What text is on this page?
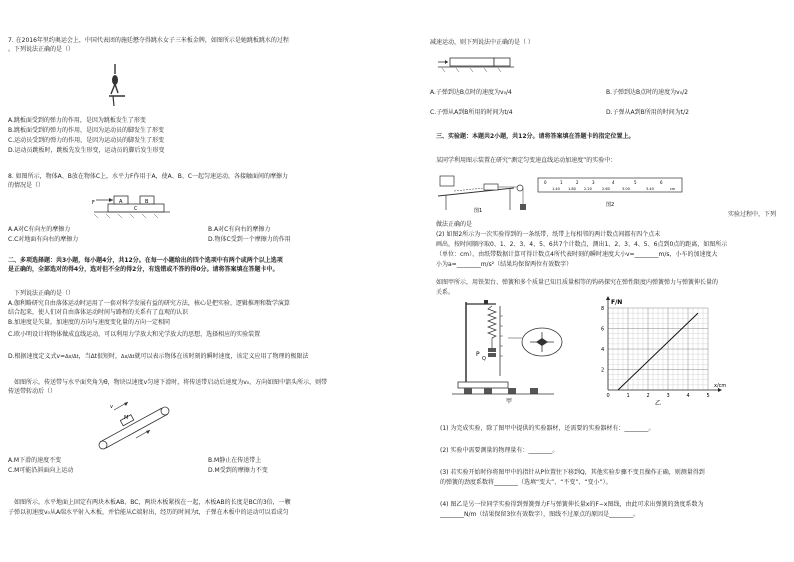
7. 在2016年里约奥运会上，中国代表团的施廷懋夺得跳水女子三米板金牌，如图所示是她跳板跳水的过程
。下列说法正确的是（）
A.跳板面受到的弹力的作用，是因为跳板发生了形变
B.跳板面受到的弹力的作用，是因为运动员的脚发生了形变
C.运动员受到的弹力的作用，是因为运动员的脚发生了形变
D.运动员跳板时，跳板先发生形变，运动员的脚后发生形变
8. 如图所示，物体A、B放在物体C上，水平力F作用于A，使A、B、C一起匀速运动，各接触面间的摩擦力
的情况是（）
F	A	B
C
A.A对C有向左的摩擦力	B.A对C有向右的摩擦力
C.C对地面有向右的摩擦力	D.物体C受到一个摩擦力的作用
二、多项选择题：共3小题，每小题4分，共12分。在每一小题给出的四个选项中有两个或两个以上选项
是正确的，全部选对的得4分，选对但不全的得2分，有选错或不答的得0分。请将答案填在答题卡中。
下列说法正确的是（）
A.伽利略研究自由落体运动时运用了一套对科学发展有益的研究方法，核心是把实验、逻辑推理和数学演算
结合起来，使人们对自由落体运动时间与路程的关系有了直观的认识
B.加速度是矢量，加速度的方向与速度变化量的方向一定相同
C.欧小明设计将物体做成直线运动，可以利用力学放大和光学放大的思想，选择相应的实验装置
D.根据速度定义式v=Δx/Δt，当Δt很短时，Δx/Δt就可以表示物体在该时刻的瞬时速度，该定义应用了物理的极限法
如图所示，传送带与水平面夹角为θ，物块以速度v匀速下滑时，将传送带启动后速度为v₀，方向如图中箭头所示，则带
传送带转动后（）
M
v
A.M下滑的速度不变	B.M静止在传送带上
C.M可能沿斜面向上运动	D.M受到的摩擦力不变
如图所示，水平地面上固定有两块木板AB、BC，两块木板紧挨在一起，木板AB的长度是BC的3倍，一颗
子弹以初速度v₀从A端水平射入木板，并恰能从C端射出，经历的时间为t，子弹在木板中的运动可以看成匀
减速运动，则下列说法中正确的是（ ）
A.子弹到达B点时的速度为v₀/4	B.子弹到达B点时的速度为v₀/2
C.子弹从A到B所用的时间为t/4	D.子弹从A到B所用的时间为t/2
三、实验题：本题共2小题，共12分。请将答案填在答题卡的指定位置上。
某同学利用图示装置在研究“测定匀变速直线运动加速度”的实验中：
图1
0	1	2	3	4	5	6
1.40 1.80 2.20	2.60	3.00	3.40	cm
图2
实验过程中，下列
做法正确的是
(2) 如图2所示为一次实验得到的一条纸带，纸带上每相邻的两计数点间都有四个点未
画出，按时间顺序取0、1、2、3、4、5、6共7个计数点，测出1、2、3、4、5、6点到0点的距离，如图所示
（单位：cm），由纸带数据计算可得计数点4所代表时刻的瞬时速度大小v=________m/s，小车的加速度大
小为a=________m/s²（结果均保留两位有效数字）
如图甲所示，用铁架台、弹簧和多个质量已知且质量相等的钩码探究在弹性限度内弹簧弹力与弹簧伸长量的
关系。
P
Q
甲
0	1	2	3	4	5
8
6
4
2
F/N
x/cm
乙
(1) 为完成实验，除了图甲中提供的实验器材，还需要的实验器材有：________。
(2) 实验中需要测量的物理量有：________。
(3) 若实验开始时你将图甲中的指针从P位置往下移到Q，其他实验步骤不变且操作正确，则测量得到
的弹簧的劲度系数将________（选填“变大”、“不变”、“变小”）。
(4) 图乙是另一位同学实验得到弹簧弹力F与弹簧伸长量x的F−x图线，由此可求出弹簧的劲度系数为
________N/m（结果保留3位有效数字），图线不过原点的原因是________。
